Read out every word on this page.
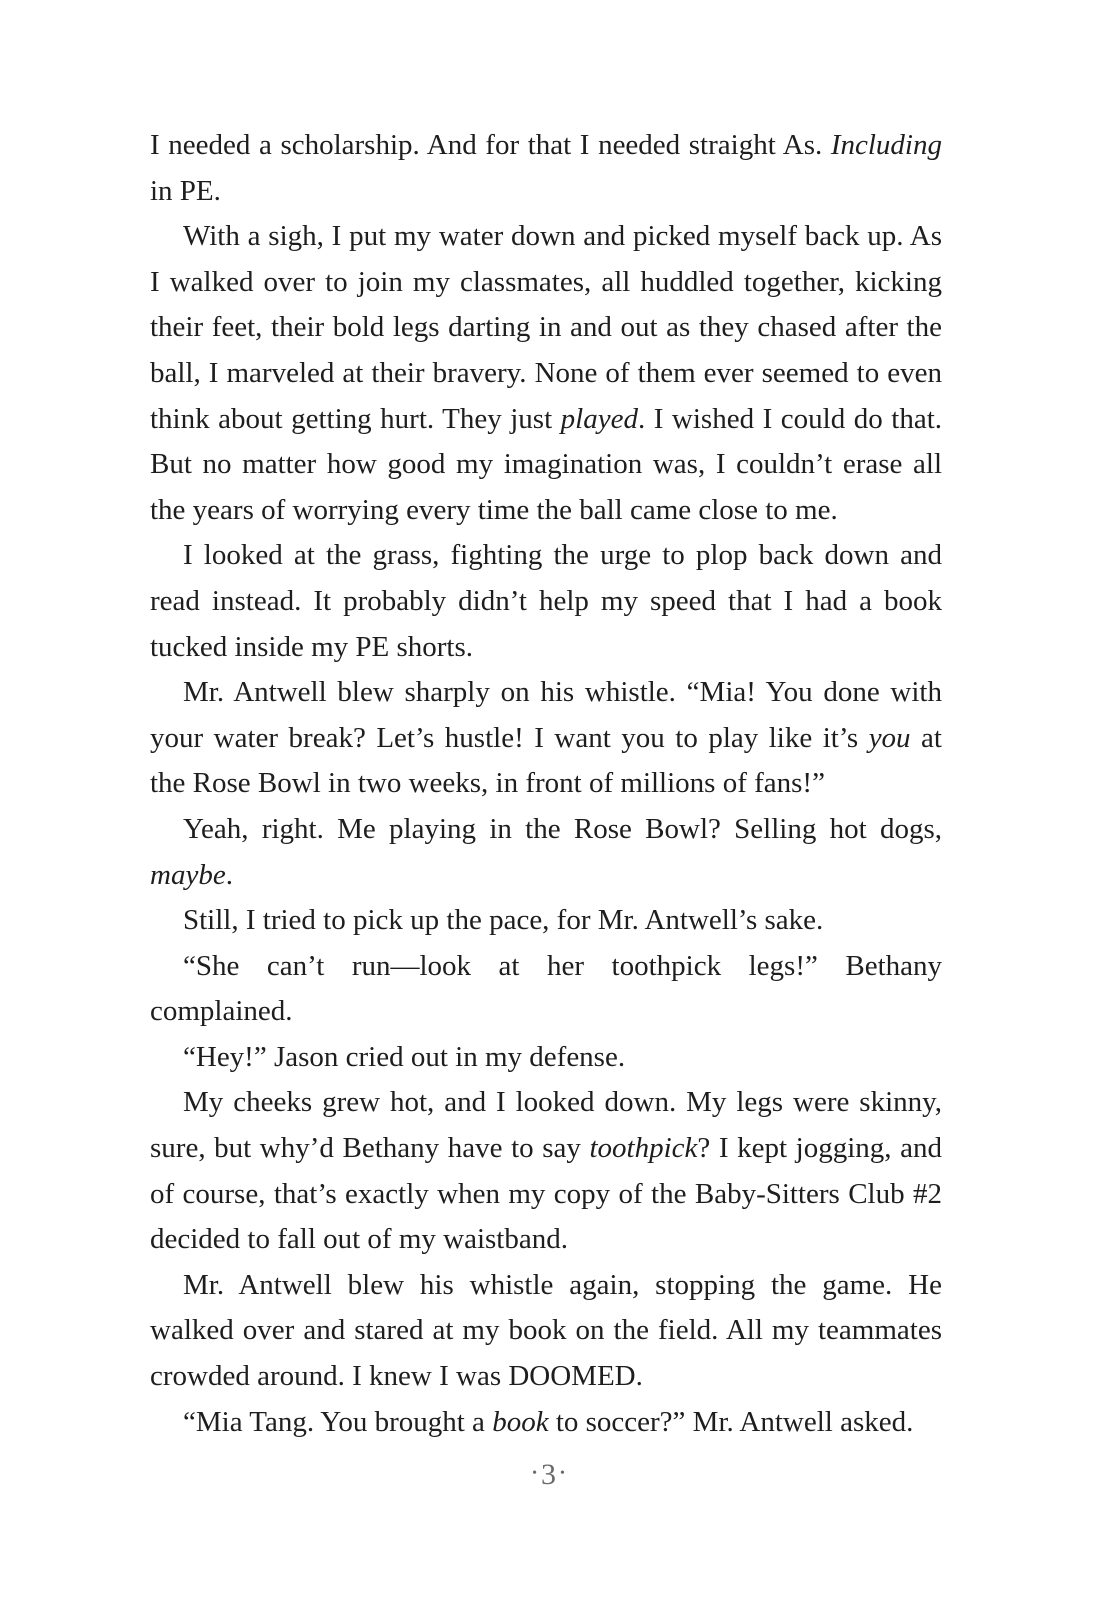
I needed a scholarship. And for that I needed straight As. Including in PE.

With a sigh, I put my water down and picked myself back up. As I walked over to join my classmates, all huddled together, kicking their feet, their bold legs darting in and out as they chased after the ball, I marveled at their bravery. None of them ever seemed to even think about getting hurt. They just played. I wished I could do that. But no matter how good my imagination was, I couldn’t erase all the years of worrying every time the ball came close to me.

I looked at the grass, fighting the urge to plop back down and read instead. It probably didn’t help my speed that I had a book tucked inside my PE shorts.

Mr. Antwell blew sharply on his whistle. “Mia! You done with your water break? Let’s hustle! I want you to play like it’s you at the Rose Bowl in two weeks, in front of millions of fans!”

Yeah, right. Me playing in the Rose Bowl? Selling hot dogs, maybe.

Still, I tried to pick up the pace, for Mr. Antwell’s sake.

“She can’t run—look at her toothpick legs!” Bethany complained.

“Hey!” Jason cried out in my defense.

My cheeks grew hot, and I looked down. My legs were skinny, sure, but why’d Bethany have to say toothpick? I kept jogging, and of course, that’s exactly when my copy of the Baby-Sitters Club #2 decided to fall out of my waistband.

Mr. Antwell blew his whistle again, stopping the game. He walked over and stared at my book on the field. All my teammates crowded around. I knew I was DOOMED.

“Mia Tang. You brought a book to soccer?” Mr. Antwell asked.

•3•
